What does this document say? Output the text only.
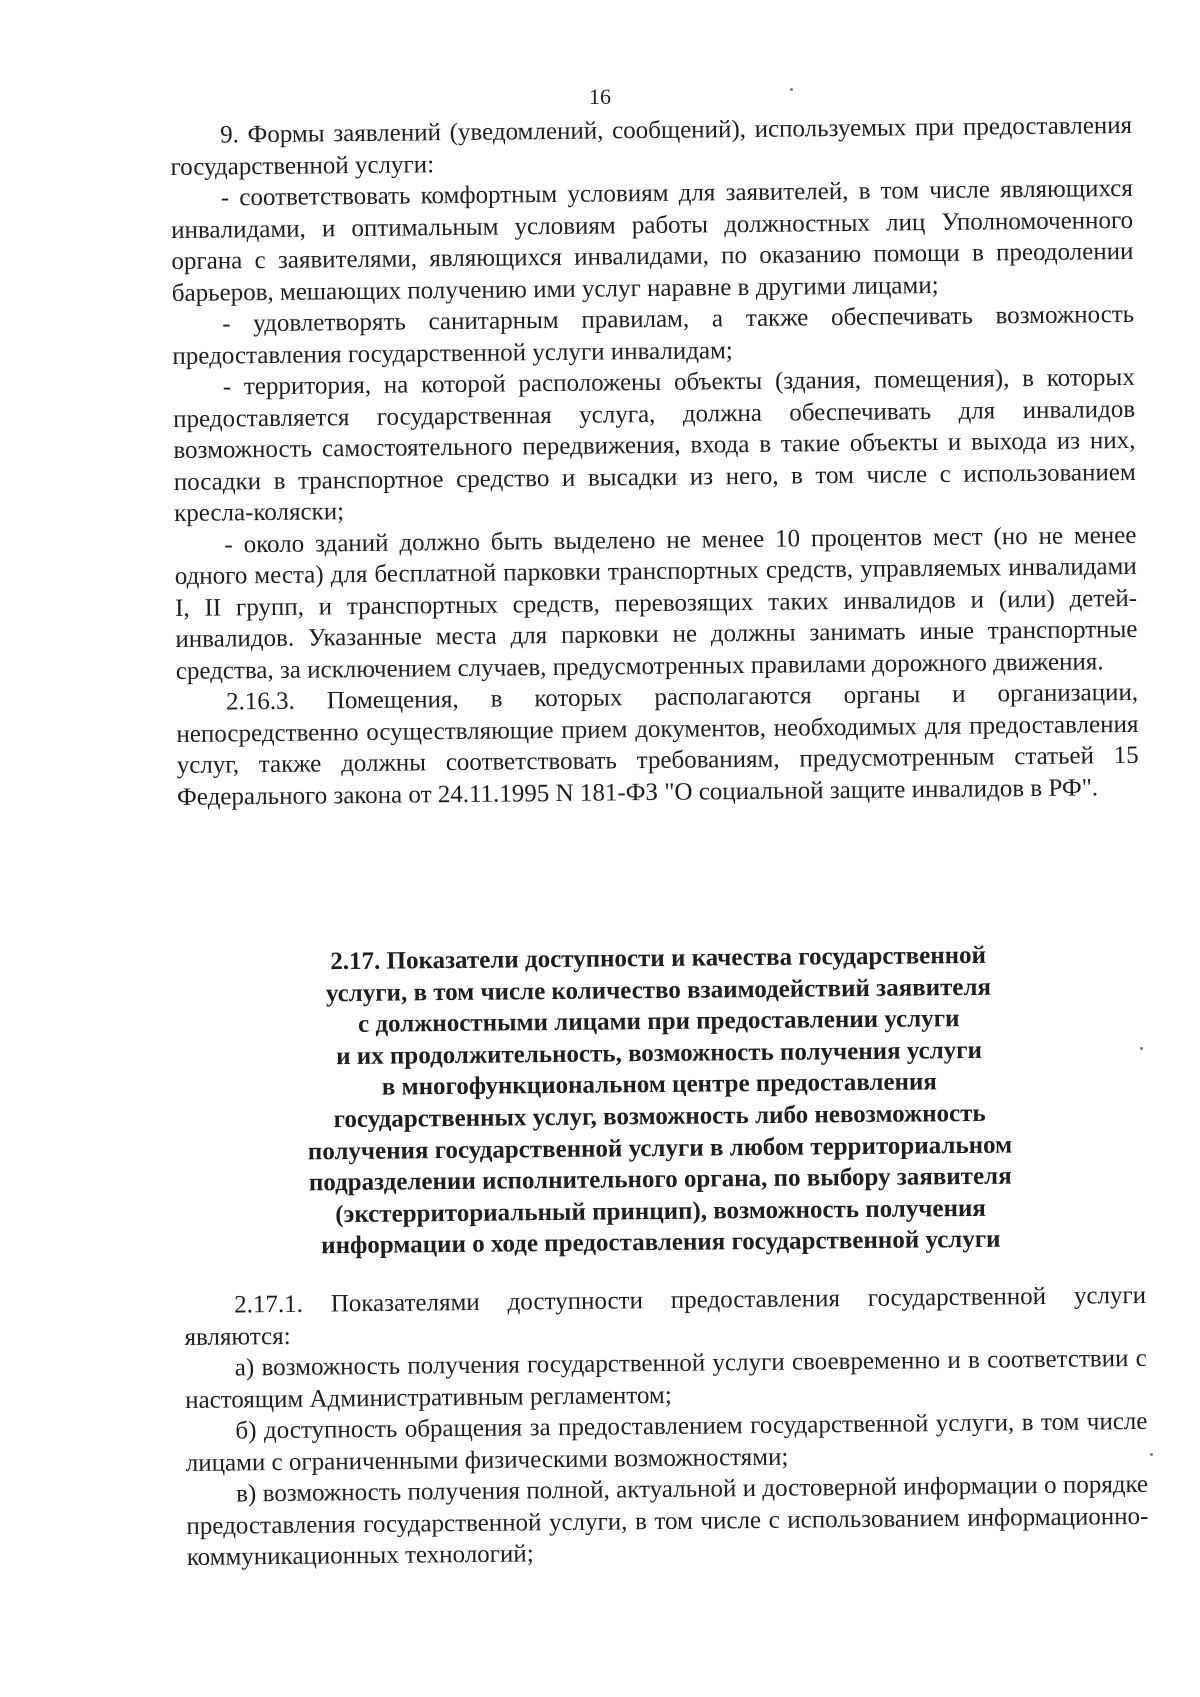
16

9. Формы заявлений (уведомлений, сообщений), используемых при предоставления государственной услуги:

- соответствовать комфортным условиям для заявителей, в том числе являющихся инвалидами, и оптимальным условиям работы должностных лиц Уполномоченного органа с заявителями, являющихся инвалидами, по оказанию помощи в преодолении барьеров, мешающих получению ими услуг наравне в другими лицами;

- удовлетворять санитарным правилам, а также обеспечивать возможность предоставления государственной услуги инвалидам;

- территория, на которой расположены объекты (здания, помещения), в которых предоставляется государственная услуга, должна обеспечивать для инвалидов возможность самостоятельного передвижения, входа в такие объекты и выхода из них, посадки в транспортное средство и высадки из него, в том числе с использованием кресла-коляски;

- около зданий должно быть выделено не менее 10 процентов мест (но не менее одного места) для бесплатной парковки транспортных средств, управляемых инвалидами I, II групп, и транспортных средств, перевозящих таких инвалидов и (или) детей-инвалидов. Указанные места для парковки не должны занимать иные транспортные средства, за исключением случаев, предусмотренных правилами дорожного движения.

2.16.3. Помещения, в которых располагаются органы и организации, непосредственно осуществляющие прием документов, необходимых для предоставления услуг, также должны соответствовать требованиям, предусмотренным статьей 15 Федерального закона от 24.11.1995 N 181-ФЗ "О социальной защите инвалидов в РФ".

2.17. Показатели доступности и качества государственной
услуги, в том числе количество взаимодействий заявителя
с должностными лицами при предоставлении услуги
и их продолжительность, возможность получения услуги
в многофункциональном центре предоставления
государственных услуг, возможность либо невозможность
получения государственной услуги в любом территориальном
подразделении исполнительного органа, по выбору заявителя
(экстерриториальный принцип), возможность получения
информации о ходе предоставления государственной услуги

2.17.1. Показателями доступности предоставления государственной услуги являются:

а) возможность получения государственной услуги своевременно и в соответствии с настоящим Административным регламентом;

б) доступность обращения за предоставлением государственной услуги, в том числе лицами с ограниченными физическими возможностями;

в) возможность получения полной, актуальной и достоверной информации о порядке предоставления государственной услуги, в том числе с использованием информационно-коммуникационных технологий;
